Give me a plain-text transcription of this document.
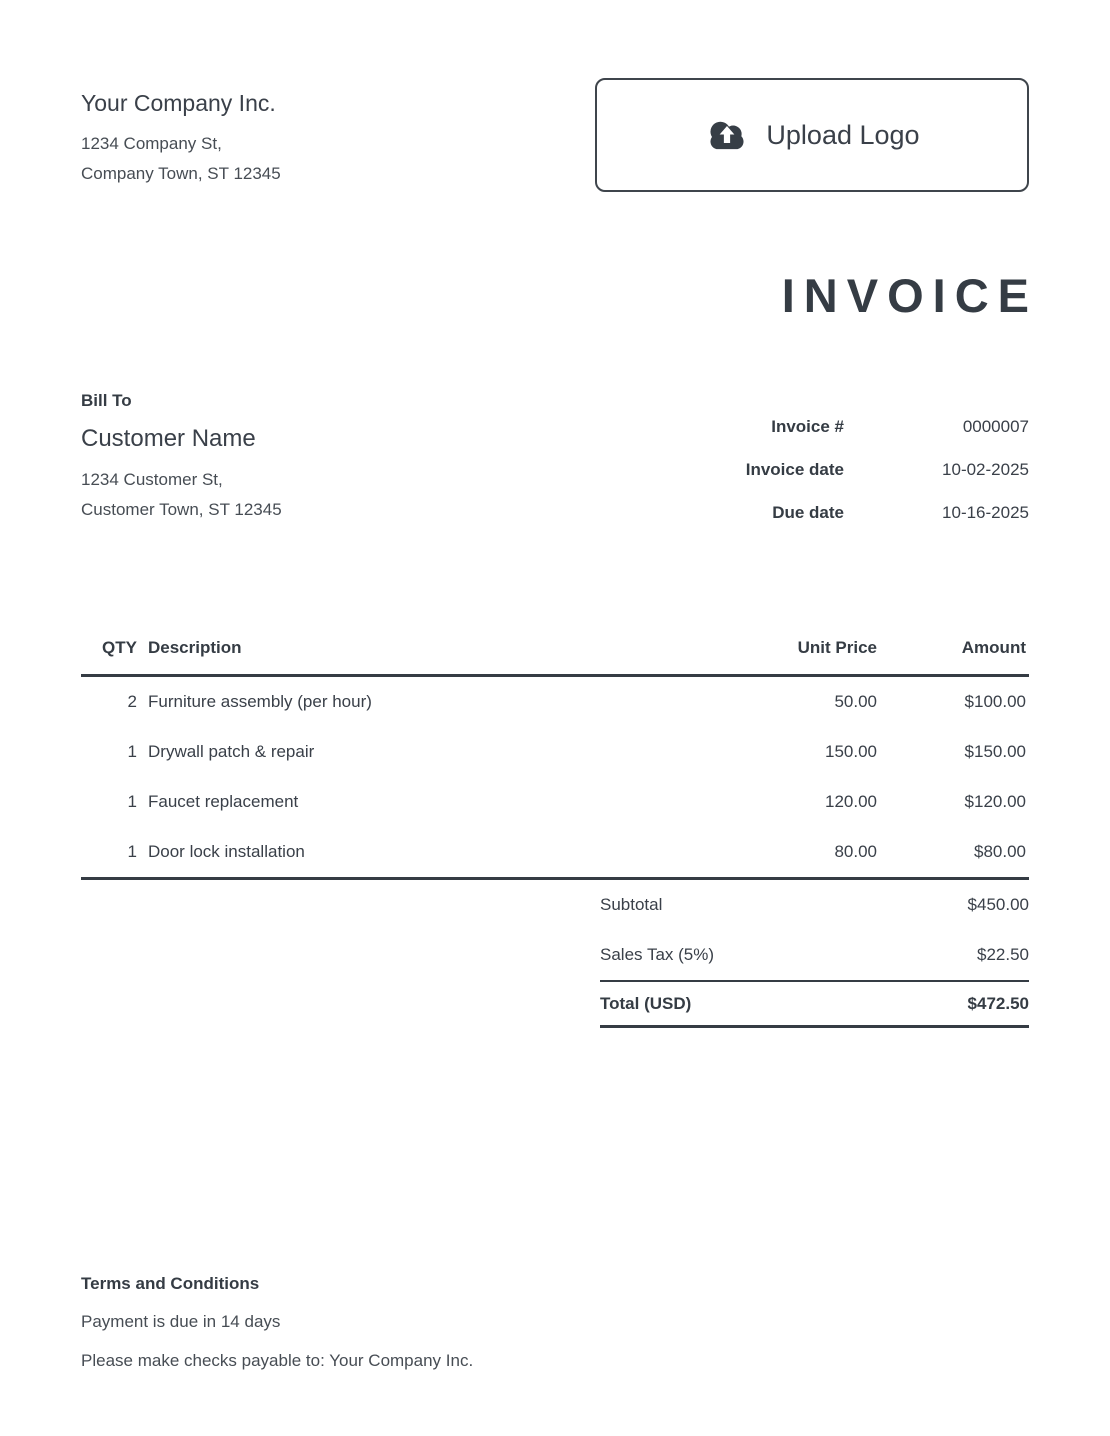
Your Company Inc.
1234 Company St,
Company Town, ST 12345
Upload Logo
INVOICE
Bill To
Customer Name
1234 Customer St,
Customer Town, ST 12345
Invoice #	0000007
Invoice date	10-02-2025
Due date	10-16-2025
QTY Description	Unit Price	Amount
2 Furniture assembly (per hour)	50.00	$100.00
1 Drywall patch & repair	150.00	$150.00
1 Faucet replacement	120.00	$120.00
1 Door lock installation	80.00	$80.00
Subtotal	$450.00
Sales Tax (5%)	$22.50
Total (USD)	$472.50
Terms and Conditions

Payment is due in 14 days

Please make checks payable to: Your Company Inc.
